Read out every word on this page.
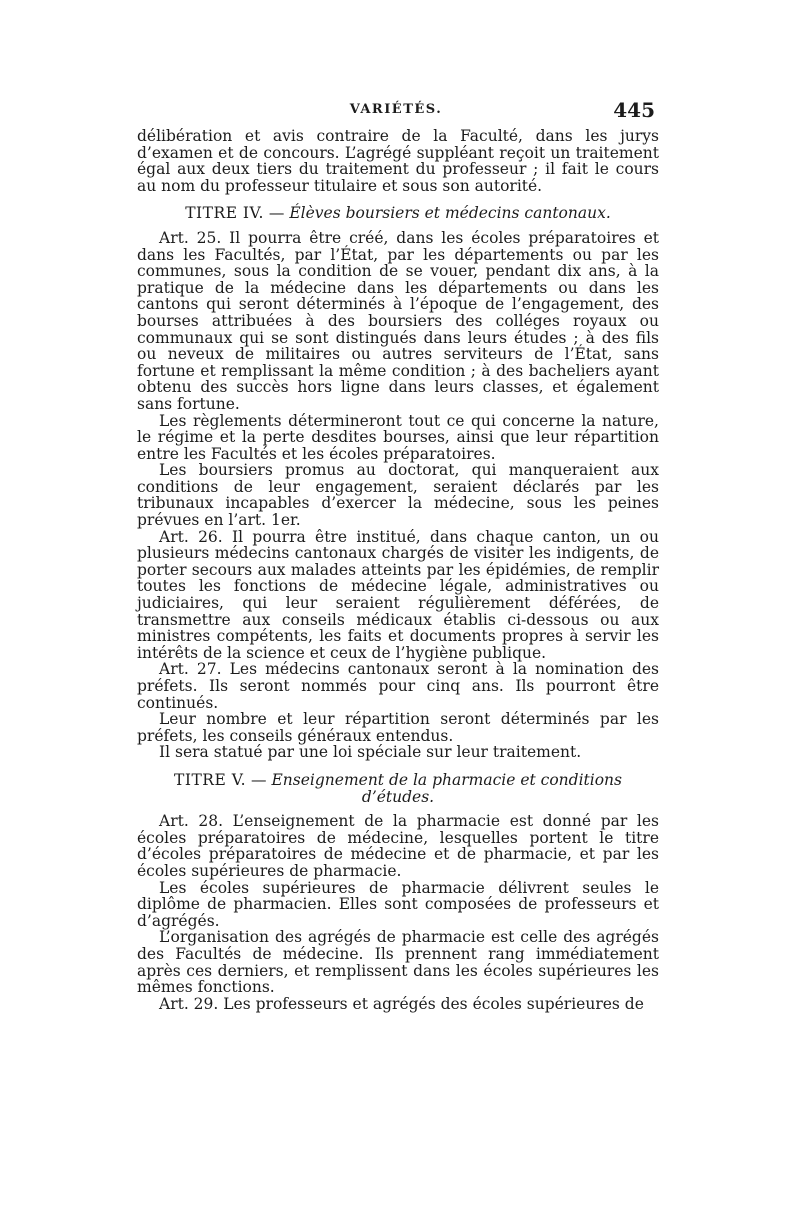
VARIÉTÉS.	445

délibération et avis contraire de la Faculté, dans les jurys d’examen et de concours. L’agrégé suppléant reçoit un traitement égal aux deux tiers du traitement du professeur ; il fait le cours au nom du professeur titulaire et sous son autorité.

TITRE IV. — Élèves boursiers et médecins cantonaux.

Art. 25. Il pourra être créé, dans les écoles préparatoires et dans les Facultés, par l’État, par les départements ou par les communes, sous la condition de se vouer, pendant dix ans, à la pratique de la médecine dans les départements ou dans les cantons qui seront déterminés à l’époque de l’engagement, des bourses attribuées à des boursiers des colléges royaux ou communaux qui se sont distingués dans leurs études ; à des fils ou neveux de militaires ou autres serviteurs de l’État, sans fortune et remplissant la même condition ; à des bacheliers ayant obtenu des succès hors ligne dans leurs classes, et également sans fortune.

Les règlements détermineront tout ce qui concerne la nature, le régime et la perte desdites bourses, ainsi que leur répartition entre les Facultés et les écoles préparatoires.

Les boursiers promus au doctorat, qui manqueraient aux conditions de leur engagement, seraient déclarés par les tribunaux incapables d’exercer la médecine, sous les peines prévues en l’art. 1er.

Art. 26. Il pourra être institué, dans chaque canton, un ou plusieurs médecins cantonaux chargés de visiter les indigents, de porter secours aux malades atteints par les épidémies, de remplir toutes les fonctions de médecine légale, administratives ou judiciaires, qui leur seraient régulièrement déférées, de transmettre aux conseils médicaux établis ci-dessous ou aux ministres compétents, les faits et documents propres à servir les intérêts de la science et ceux de l’hygiène publique.

Art. 27. Les médecins cantonaux seront à la nomination des préfets. Ils seront nommés pour cinq ans. Ils pourront être continués.

Leur nombre et leur répartition seront déterminés par les préfets, les conseils généraux entendus.

Il sera statué par une loi spéciale sur leur traitement.

TITRE V. — Enseignement de la pharmacie et conditions d’études.

Art. 28. L’enseignement de la pharmacie est donné par les écoles préparatoires de médecine, lesquelles portent le titre d’écoles préparatoires de médecine et de pharmacie, et par les écoles supérieures de pharmacie.

Les écoles supérieures de pharmacie délivrent seules le diplôme de pharmacien. Elles sont composées de professeurs et d’agrégés.

L’organisation des agrégés de pharmacie est celle des agrégés des Facultés de médecine. Ils prennent rang immédiatement après ces derniers, et remplissent dans les écoles supérieures les mêmes fonctions.

Art. 29. Les professeurs et agrégés des écoles supérieures de
